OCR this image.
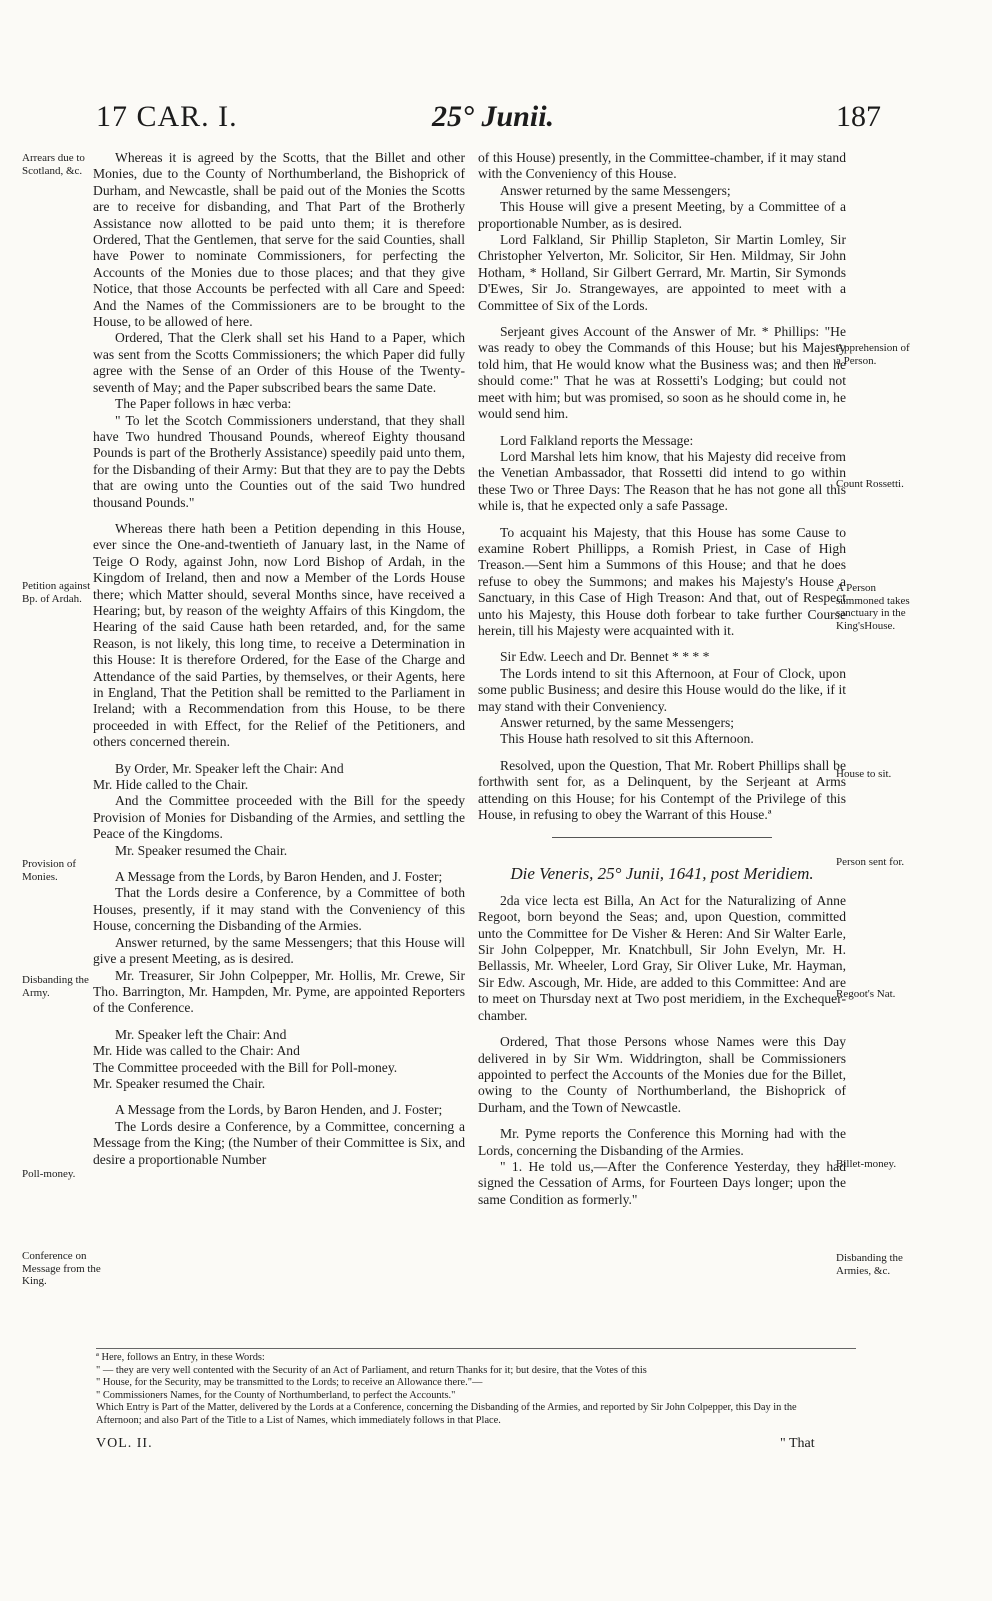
17 CAR. I.	25° Junii.	187
Arrears due to Scotland, &c.
Petition against Bp. of Ardah.
Provision of Monies.
Disbanding the Army.
Poll-money.
Conference on Message from the King.
Apprehension of a Person.
Count Rossetti.
A Person summoned takes sanctuary in the King'sHouse.
House to sit.
Person sent for.
Regoot's Nat.
Billet-money.
Disbanding the Armies, &c.

Whereas it is agreed by the Scotts, that the Billet and other Monies, due to the County of Northumberland, the Bishoprick of Durham, and Newcastle, shall be paid out of the Monies the Scotts are to receive for disbanding, and That Part of the Brotherly Assistance now allotted to be paid unto them; it is therefore Ordered, That the Gentlemen, that serve for the said Counties, shall have Power to nominate Commissioners, for perfecting the Accounts of the Monies due to those places; and that they give Notice, that those Accounts be perfected with all Care and Speed: And the Names of the Commissioners are to be brought to the House, to be allowed of here.

Ordered, That the Clerk shall set his Hand to a Paper, which was sent from the Scotts Commissioners; the which Paper did fully agree with the Sense of an Order of this House of the Twenty-seventh of May; and the Paper subscribed bears the same Date.

The Paper follows in hæc verba:

" To let the Scotch Commissioners understand, that they shall have Two hundred Thousand Pounds, whereof Eighty thousand Pounds is part of the Brotherly Assistance) speedily paid unto them, for the Disbanding of their Army: But that they are to pay the Debts that are owing unto the Counties out of the said Two hundred thousand Pounds."

Whereas there hath been a Petition depending in this House, ever since the One-and-twentieth of January last, in the Name of Teige O Rody, against John, now Lord Bishop of Ardah, in the Kingdom of Ireland, then and now a Member of the Lords House there; which Matter should, several Months since, have received a Hearing; but, by reason of the weighty Affairs of this Kingdom, the Hearing of the said Cause hath been retarded, and, for the same Reason, is not likely, this long time, to receive a Determination in this House: It is therefore Ordered, for the Ease of the Charge and Attendance of the said Parties, by themselves, or their Agents, here in England, That the Petition shall be remitted to the Parliament in Ireland; with a Recommendation from this House, to be there proceeded in with Effect, for the Relief of the Petitioners, and others concerned therein.

By Order, Mr. Speaker left the Chair: And

Mr. Hide called to the Chair.

And the Committee proceeded with the Bill for the speedy Provision of Monies for Disbanding of the Armies, and settling the Peace of the Kingdoms.

Mr. Speaker resumed the Chair.

A Message from the Lords, by Baron Henden, and J. Foster;

That the Lords desire a Conference, by a Committee of both Houses, presently, if it may stand with the Conveniency of this House, concerning the Disbanding of the Armies.

Answer returned, by the same Messengers; that this House will give a present Meeting, as is desired.

Mr. Treasurer, Sir John Colpepper, Mr. Hollis, Mr. Crewe, Sir Tho. Barrington, Mr. Hampden, Mr. Pyme, are appointed Reporters of the Conference.

Mr. Speaker left the Chair: And

Mr. Hide was called to the Chair: And

The Committee proceeded with the Bill for Poll-money.

Mr. Speaker resumed the Chair.

A Message from the Lords, by Baron Henden, and J. Foster;

The Lords desire a Conference, by a Committee, concerning a Message from the King; (the Number of their Committee is Six, and desire a proportionable Number

of this House) presently, in the Committee-chamber, if it may stand with the Conveniency of this House.

Answer returned by the same Messengers;

This House will give a present Meeting, by a Committee of a proportionable Number, as is desired.

Lord Falkland, Sir Phillip Stapleton, Sir Martin Lomley, Sir Christopher Yelverton, Mr. Solicitor, Sir Hen. Mildmay, Sir John Hotham, * Holland, Sir Gilbert Gerrard, Mr. Martin, Sir Symonds D'Ewes, Sir Jo. Strangewayes, are appointed to meet with a Committee of Six of the Lords.

Serjeant gives Account of the Answer of Mr. * Phillips: "He was ready to obey the Commands of this House; but his Majesty told him, that He would know what the Business was; and then he should come:" That he was at Rossetti's Lodging; but could not meet with him; but was promised, so soon as he should come in, he would send him.

Lord Falkland reports the Message:

Lord Marshal lets him know, that his Majesty did receive from the Venetian Ambassador, that Rossetti did intend to go within these Two or Three Days: The Reason that he has not gone all this while is, that he expected only a safe Passage.

To acquaint his Majesty, that this House has some Cause to examine Robert Phillipps, a Romish Priest, in Case of High Treason.—Sent him a Summons of this House; and that he does refuse to obey the Summons; and makes his Majesty's House a Sanctuary, in this Case of High Treason: And that, out of Respect unto his Majesty, this House doth forbear to take further Course herein, till his Majesty were acquainted with it.

Sir Edw. Leech and Dr. Bennet * * * *

The Lords intend to sit this Afternoon, at Four of Clock, upon some public Business; and desire this House would do the like, if it may stand with their Conveniency.

Answer returned, by the same Messengers;

This House hath resolved to sit this Afternoon.

Resolved, upon the Question, That Mr. Robert Phillips shall be forthwith sent for, as a Delinquent, by the Serjeant at Arms attending on this House; for his Contempt of the Privilege of this House, in refusing to obey the Warrant of this House.ª

Die Veneris, 25° Junii, 1641, post Meridiem.

2da vice lecta est Billa, An Act for the Naturalizing of Anne Regoot, born beyond the Seas; and, upon Question, committed unto the Committee for De Visher & Heren: And Sir Walter Earle, Sir John Colpepper, Mr. Knatchbull, Sir John Evelyn, Mr. H. Bellassis, Mr. Wheeler, Lord Gray, Sir Oliver Luke, Mr. Hayman, Sir Edw. Ascough, Mr. Hide, are added to this Committee: And are to meet on Thursday next at Two post meridiem, in the Exchequer-chamber.

Ordered, That those Persons whose Names were this Day delivered in by Sir Wm. Widdrington, shall be Commissioners appointed to perfect the Accounts of the Monies due for the Billet, owing to the County of Northumberland, the Bishoprick of Durham, and the Town of Newcastle.

Mr. Pyme reports the Conference this Morning had with the Lords, concerning the Disbanding of the Armies.

" 1. He told us,—After the Conference Yesterday, they had signed the Cessation of Arms, for Fourteen Days longer; upon the same Condition as formerly."

ª Here, follows an Entry, in these Words:

" — they are very well contented with the Security of an Act of Parliament, and return Thanks for it; but desire, that the Votes of this

" House, for the Security, may be transmitted to the Lords; to receive an Allowance there."—

" Commissioners Names, for the County of Northumberland, to perfect the Accounts."

Which Entry is Part of the Matter, delivered by the Lords at a Conference, concerning the Disbanding of the Armies, and reported by Sir John Colpepper, this Day in the Afternoon; and also Part of the Title to a List of Names, which immediately follows in that Place.

VOL. II.	" That
